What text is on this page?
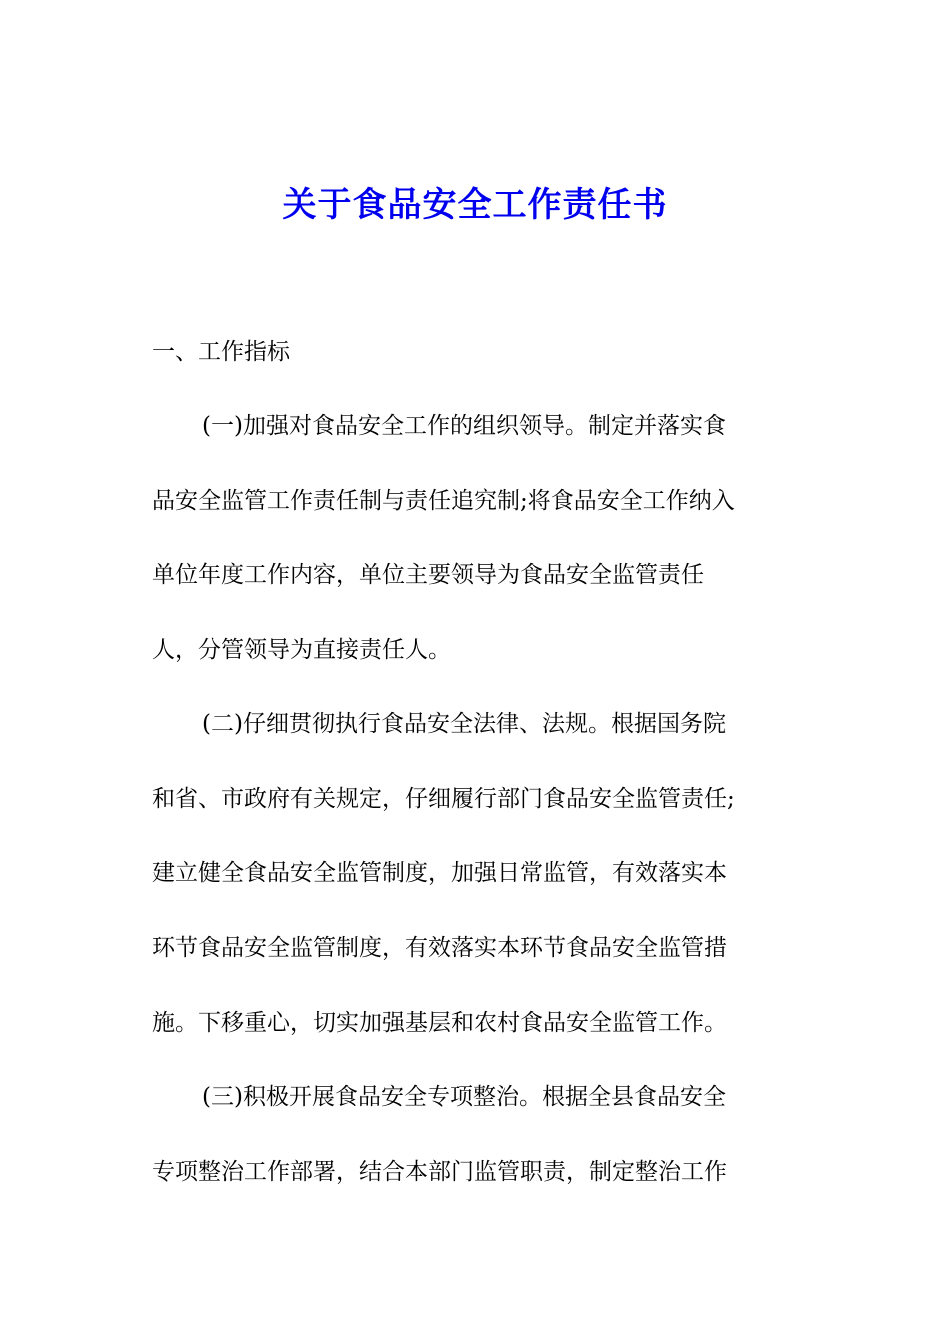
关于食品安全工作责任书
一、工作指标
(一)加强对食品安全工作的组织领导。制定并落实食
品安全监管工作责任制与责任追究制;将食品安全工作纳入
单位年度工作内容，单位主要领导为食品安全监管责任
人，分管领导为直接责任人。
(二)仔细贯彻执行食品安全法律、法规。根据国务院
和省、市政府有关规定，仔细履行部门食品安全监管责任;
建立健全食品安全监管制度，加强日常监管，有效落实本
环节食品安全监管制度，有效落实本环节食品安全监管措
施。下移重心，切实加强基层和农村食品安全监管工作。
(三)积极开展食品安全专项整治。根据全县食品安全
专项整治工作部署，结合本部门监管职责，制定整治工作
